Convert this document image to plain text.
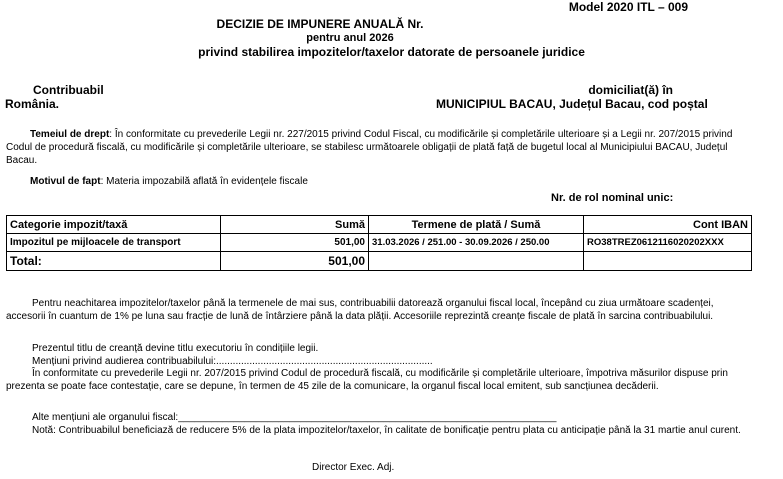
Model 2020 ITL – 009
DECIZIE DE IMPUNERE ANUALĂ Nr.
pentru anul 2026
privind stabilirea impozitelor/taxelor datorate de persoanele juridice
Contribuabil
România.
domiciliat(ă) în
MUNICIPIUL BACAU, Județul Bacau, cod poștal
Temeiul de drept: În conformitate cu prevederile Legii nr. 227/2015 privind Codul Fiscal, cu modificările și completările ulterioare și a Legii nr. 207/2015 privind Codul de procedură fiscală, cu modificările și completările ulterioare, se stabilesc următoarele obligații de plată față de bugetul local al Municipiului BACAU, Județul Bacau.
Motivul de fapt: Materia impozabilă aflată în evidențele fiscale
Nr. de rol nominal unic:
Categorie impozit/taxă	Sumă	Termene de plată / Sumă	Cont IBAN
Impozitul pe mijloacele de transport	501,00	31.03.2026 / 251.00 - 30.09.2026 / 250.00	RO38TREZ0612116020202XXX
Total:	501,00		
Pentru neachitarea impozitelor/taxelor până la termenele de mai sus, contribuabilii datorează organului fiscal local, începând cu ziua următoare scadenței, accesorii în cuantum de 1% pe luna sau fracție de lună de întârziere până la data plății. Accesoriile reprezintă creanțe fiscale de plată în sarcina contribuabilului.
Prezentul titlu de creanță devine titlu executoriu în condițiile legii.
Mențiuni privind audierea contribuabilului:..............................................................................
În conformitate cu prevederile Legii nr. 207/2015 privind Codul de procedură fiscală, cu modificările și completările ulterioare, împotriva măsurilor dispuse prin prezenta se poate face contestație, care se depune, în termen de 45 zile de la comunicare, la organul fiscal local emitent, sub sancțiunea decăderii.
Alte mențiuni ale organului fiscal:____________________________________________________________________
Notă: Contribuabilul beneficiază de reducere 5% de la plata impozitelor/taxelor, în calitate de bonificație pentru plata cu anticipație până la 31 martie anul curent.
Director Exec. Adj.
